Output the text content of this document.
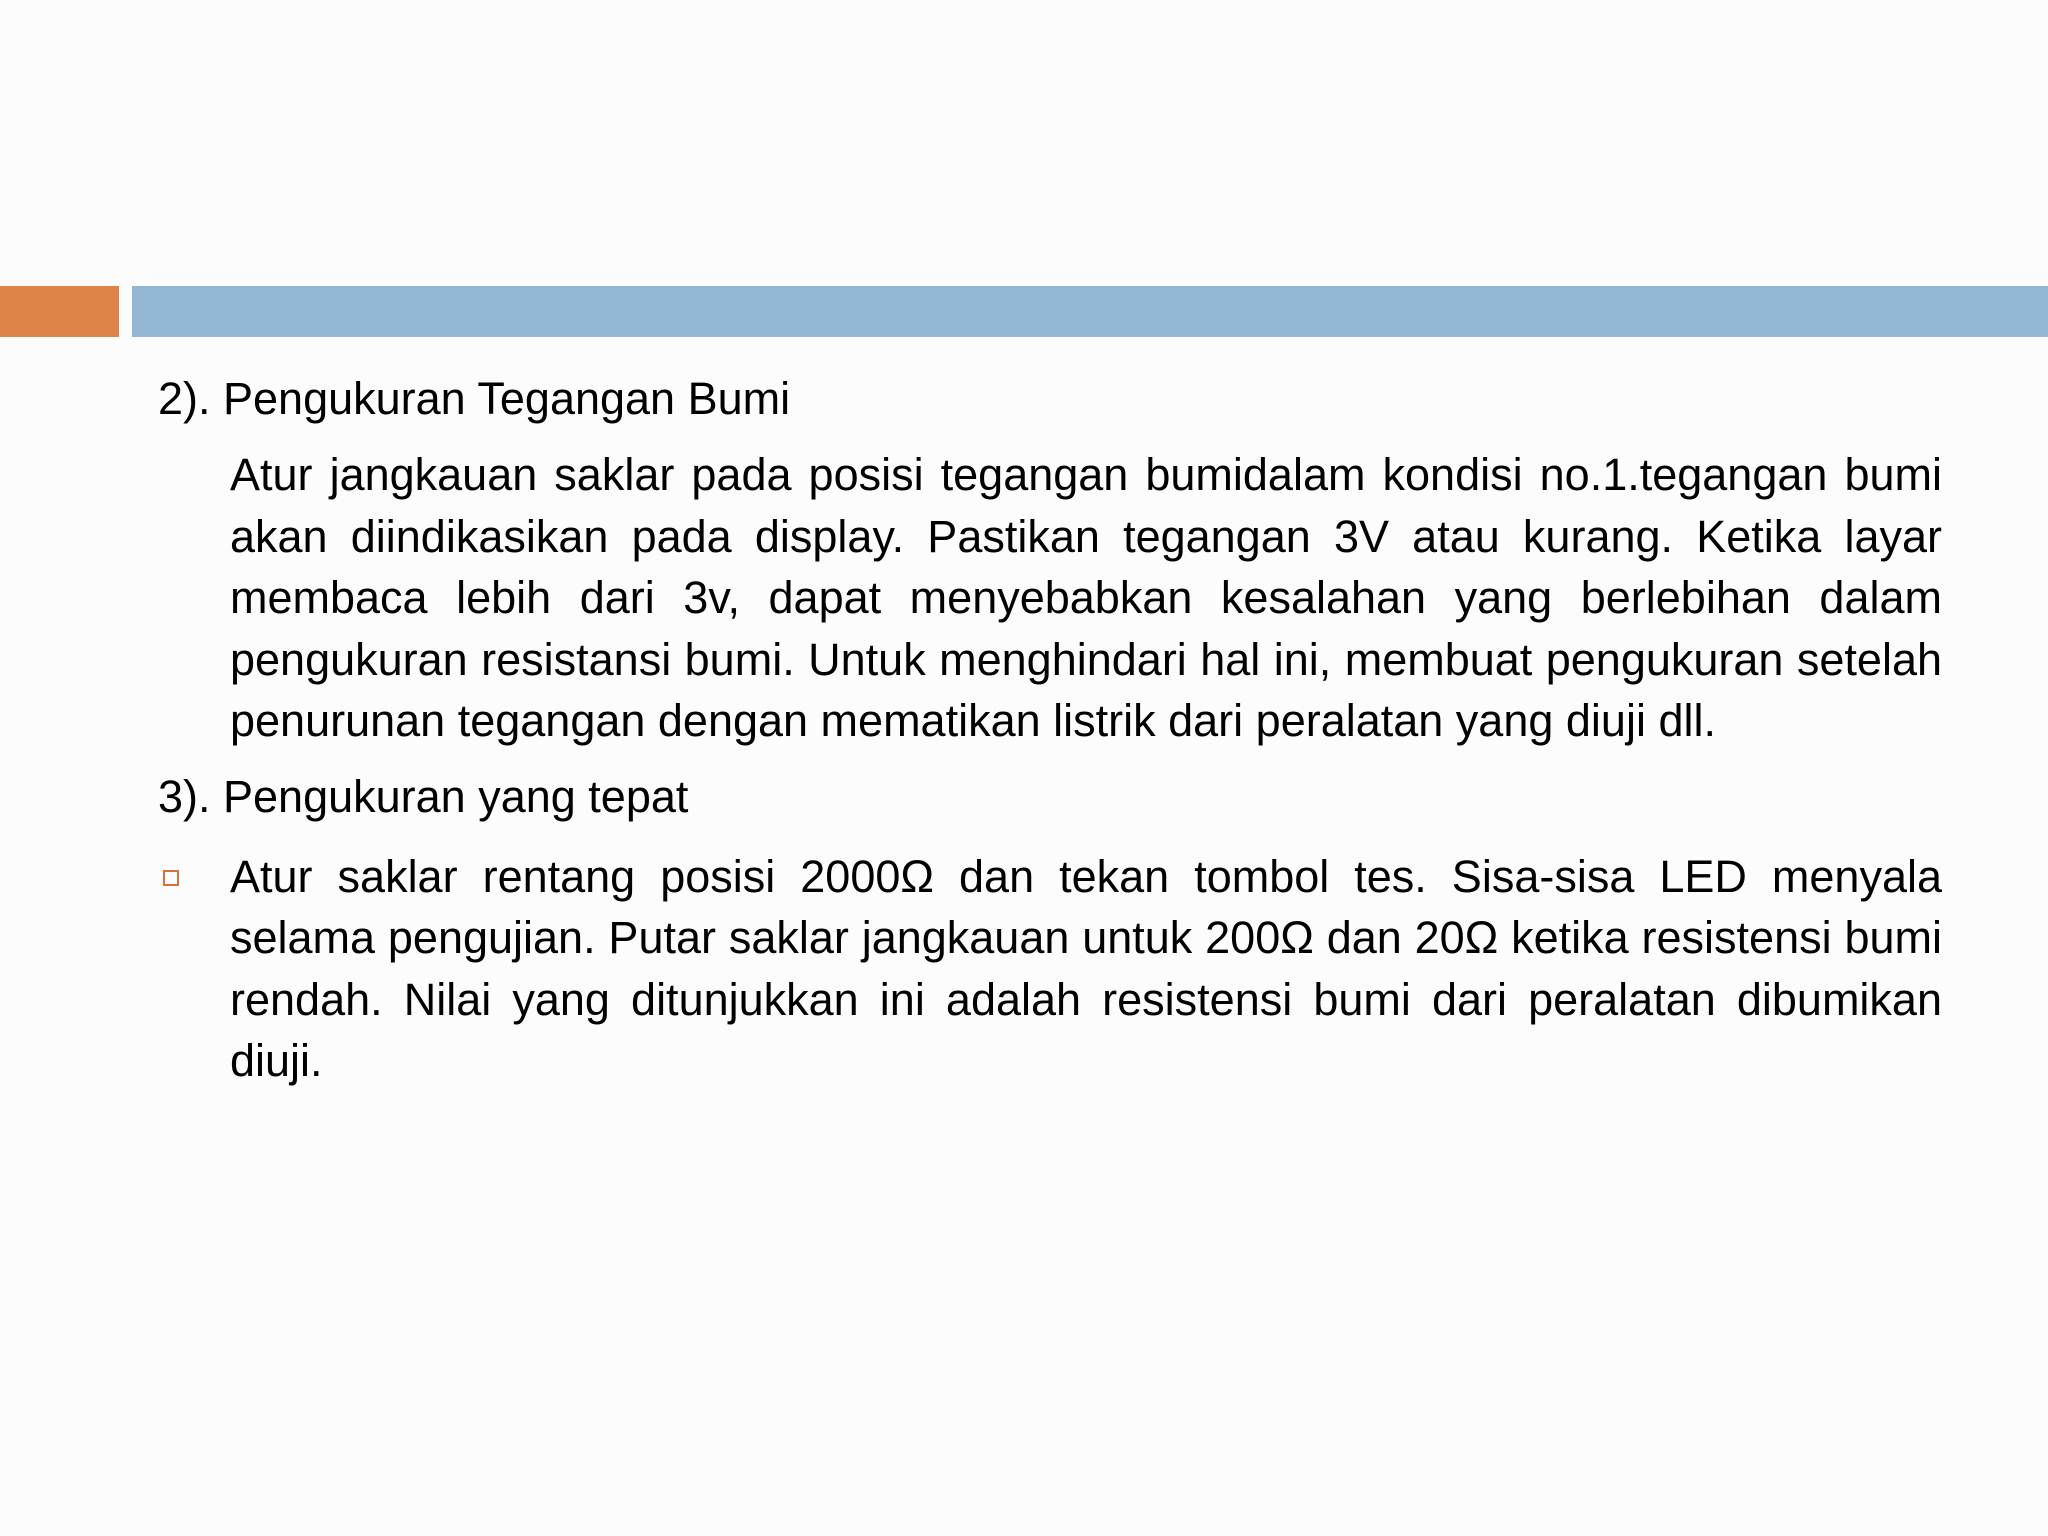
2). Pengukuran Tegangan Bumi
Atur jangkauan saklar pada posisi tegangan bumidalam kondisi no.1.tegangan bumi akan diindikasikan pada display. Pastikan tegangan 3V atau kurang. Ketika layar membaca lebih dari 3v, dapat menyebabkan kesalahan yang berlebihan dalam pengukuran resistansi bumi. Untuk menghindari hal ini, membuat pengukuran setelah penurunan tegangan dengan mematikan listrik dari peralatan yang diuji dll.
3). Pengukuran yang tepat
Atur saklar rentang posisi 2000Ω dan tekan tombol tes. Sisa-sisa LED menyala selama pengujian. Putar saklar jangkauan untuk 200Ω dan 20Ω ketika resistensi bumi rendah. Nilai yang ditunjukkan ini adalah resistensi bumi dari peralatan dibumikan diuji.
